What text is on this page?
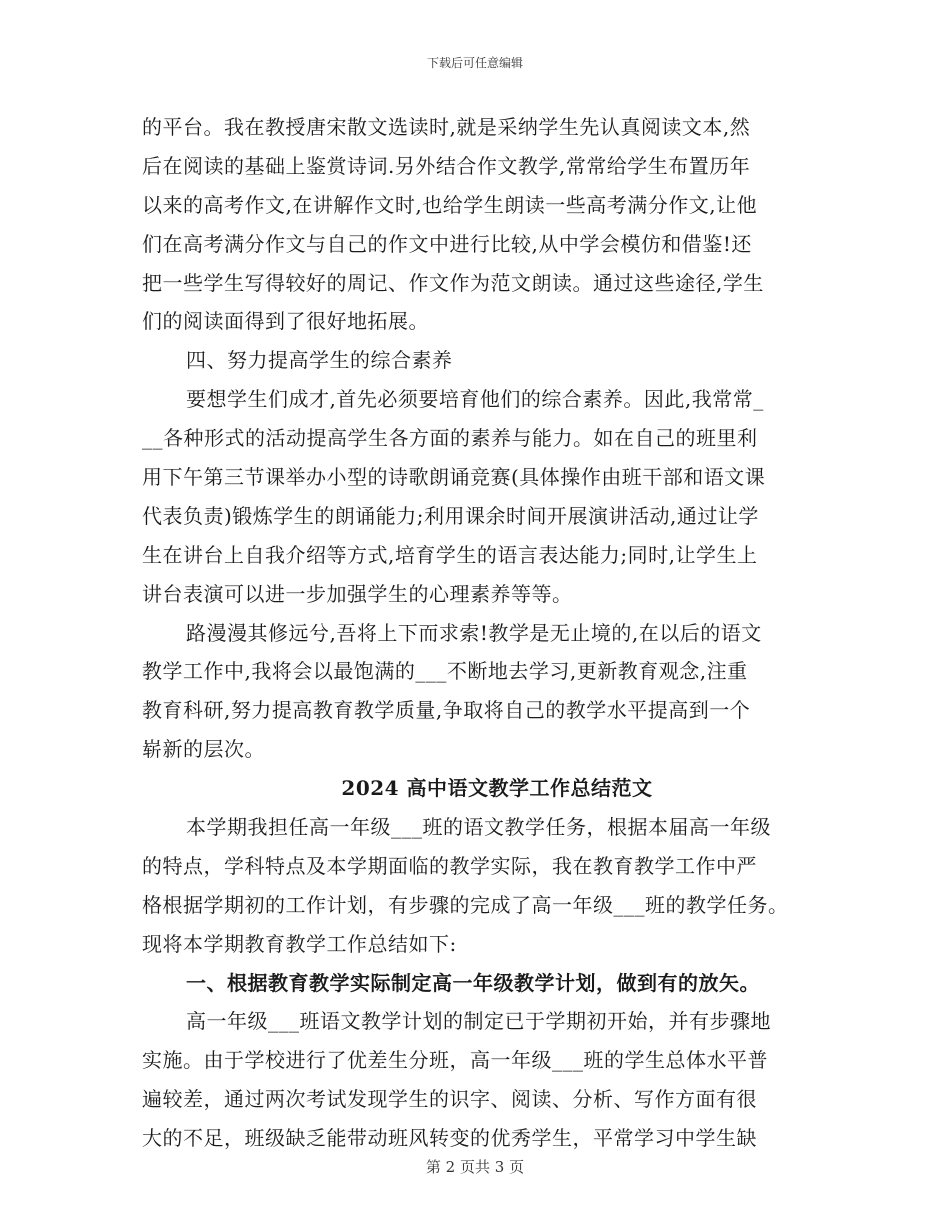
下载后可任意编辑
的平台。我在教授唐宋散文选读时,就是采纳学生先认真阅读文本,然
后在阅读的基础上鉴赏诗词.另外结合作文教学,常常给学生布置历年
以来的高考作文,在讲解作文时,也给学生朗读一些高考满分作文,让他
们在高考满分作文与自己的作文中进行比较,从中学会模仿和借鉴!还
把一些学生写得较好的周记、作文作为范文朗读。通过这些途径,学生
们的阅读面得到了很好地拓展。
四、努力提高学生的综合素养
要想学生们成才,首先必须要培育他们的综合素养。因此,我常常_
__各种形式的活动提高学生各方面的素养与能力。如在自己的班里利
用下午第三节课举办小型的诗歌朗诵竞赛(具体操作由班干部和语文课
代表负责)锻炼学生的朗诵能力;利用课余时间开展演讲活动,通过让学
生在讲台上自我介绍等方式,培育学生的语言表达能力;同时,让学生上
讲台表演可以进一步加强学生的心理素养等等。
路漫漫其修远兮,吾将上下而求索!教学是无止境的,在以后的语文
教学工作中,我将会以最饱满的___不断地去学习,更新教育观念,注重
教育科研,努力提高教育教学质量,争取将自己的教学水平提高到一个
崭新的层次。
2024 高中语文教学工作总结范文
本学期我担任高一年级___班的语文教学任务，根据本届高一年级
的特点，学科特点及本学期面临的教学实际，我在教育教学工作中严
格根据学期初的工作计划，有步骤的完成了高一年级___班的教学任务。
现将本学期教育教学工作总结如下:
一、根据教育教学实际制定高一年级教学计划，做到有的放矢。
高一年级___班语文教学计划的制定已于学期初开始，并有步骤地
实施。由于学校进行了优差生分班，高一年级___班的学生总体水平普
遍较差，通过两次考试发现学生的识字、阅读、分析、写作方面有很
大的不足，班级缺乏能带动班风转变的优秀学生，平常学习中学生缺
第 2 页共 3 页
